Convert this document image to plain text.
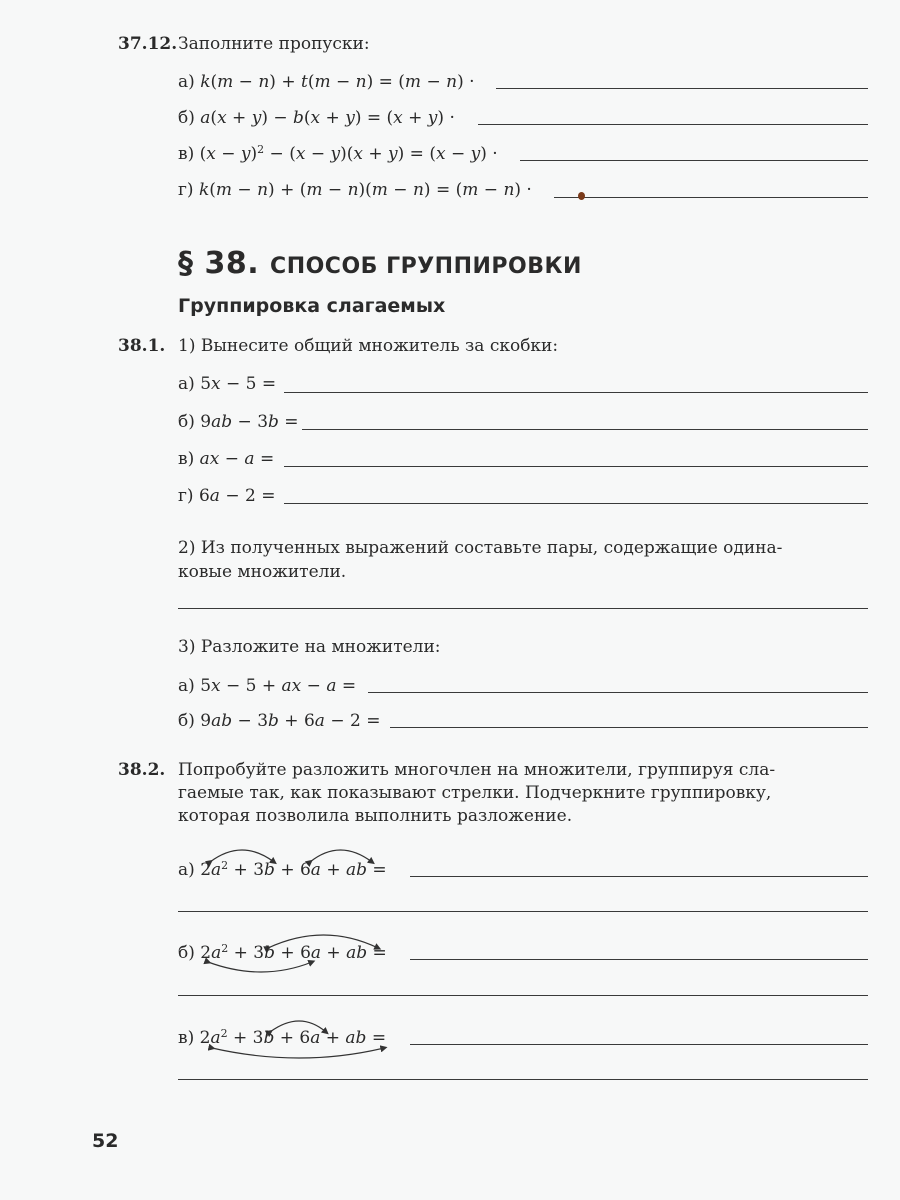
37.12. Заполните пропуски:
а) k(m − n) + t(m − n) = (m − n) ·
б) a(x + y) − b(x + y) = (x + y) ·
в) $(x - y)^2 - (x - y)(x + y) = (x - y)$ ·
г) k(m − n) + (m − n)(m − n) = (m − n) ·
§ 38. СПОСОБ ГРУППИРОВКИ
Группировка слагаемых
38.1. 1) Вынесите общий множитель за скобки:
а) 5x − 5 =
б) 9ab − 3b =
в) ax − a =
г) 6a − 2 =
2) Из полученных выражений составьте пары, содержащие одина-
ковые множители.
3) Разложите на множители:
а) 5x − 5 + ax − a =
б) 9ab − 3b + 6a − 2 =
38.2. Попробуйте разложить многочлен на множители, группируя сла-
гаемые так, как показывают стрелки. Подчеркните группировку,
которая позволила выполнить разложение.
а) $2a^2 + 3b + 6a$ + ab =
б) $2a^2 + 3b + 6a$ + ab =
в) $2a^2 + 3b + 6a$ + ab =
52
